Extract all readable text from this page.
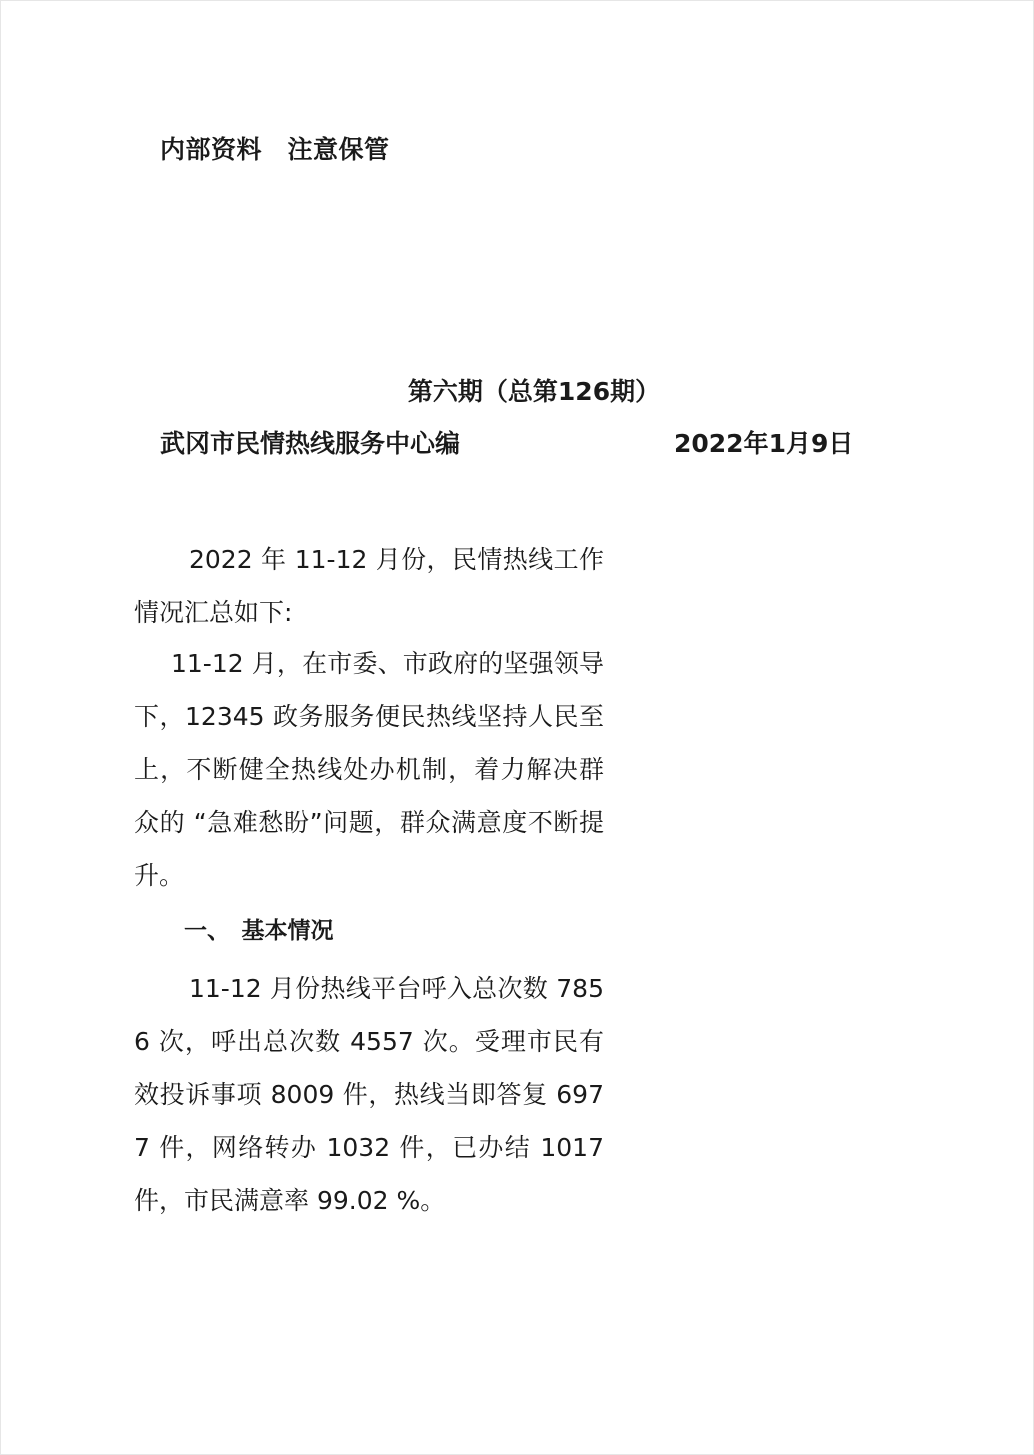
内部资料　注意保管
第六期（总第126期）
武冈市民情热线服务中心编	2022年1月9日
2022 年 11-12 月份，民情热线工作情况汇总如下:
11-12 月，在市委、市政府的坚强领导下，12345 政务服务便民热线坚持人民至上，不断健全热线处办机制，着力解决群众的 “急难愁盼”问题，群众满意度不断提升。
一、　基本情况
11-12 月份热线平台呼入总次数 7856 次，呼出总次数 4557 次。受理市民有效投诉事项 8009 件，热线当即答复 6977 件，网络转办 1032 件，已办结 1017 件，市民满意率 99.02 %。
